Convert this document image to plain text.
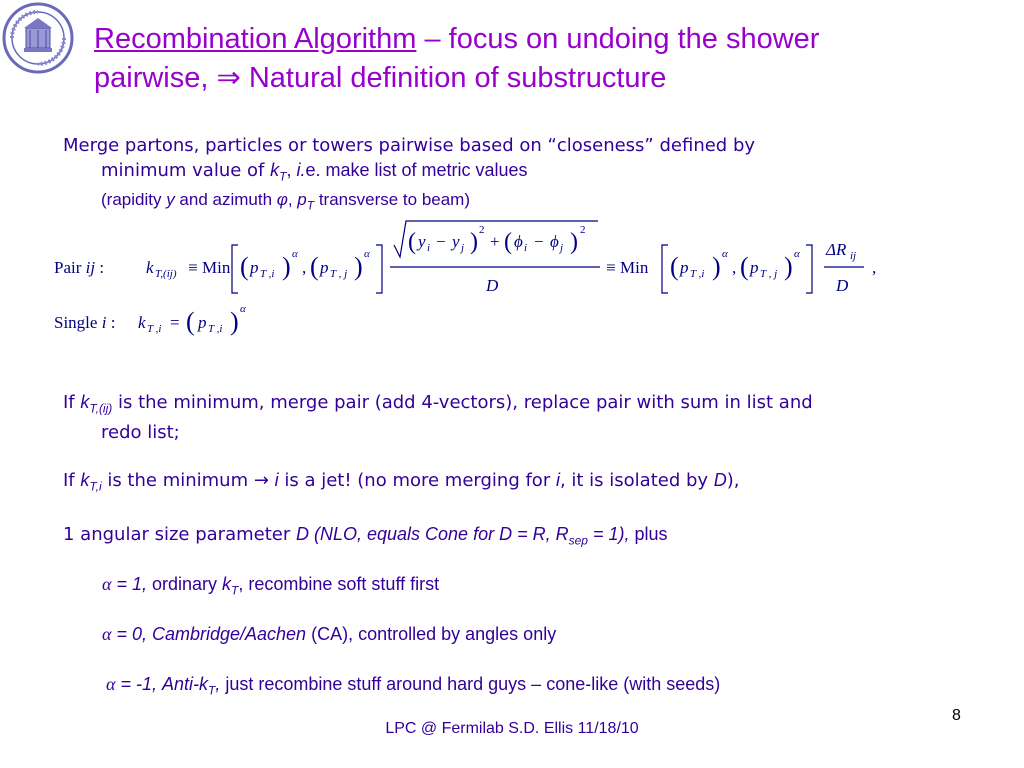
Recombination Algorithm – focus on undoing the shower
pairwise, ⇒ Natural definition of substructure
Merge partons, particles or towers pairwise based on “closeness” defined by
minimum value of $k_T$, i.e. make list of metric values
(rapidity y and azimuth φ, $p_T$ transverse to beam)
Pair ij : k T,(ij) ≡ Min ( p T ,i ) α
, ( p T , j ) α ( y i − y j ) 2
+ ( ϕ i − ϕ j ) 2
D
≡ Min ( p T ,i ) α
, ( p T , j ) α ΔR ij
D
,
Single i : k T ,i = ( p T ,i ) α
If $k_{T,(ij)}$ is the minimum, merge pair (add 4-vectors), replace pair with sum in list and
redo list;
If $k_{T,i}$ is the minimum → i is a jet! (no more merging for i, it is isolated by D),
1 angular size parameter D (NLO, equals Cone for D = R, $R_{sep} = 1$), plus
α = 1, ordinary $k_T$, recombine soft stuff first
α = 0, Cambridge/Aachen (CA), controlled by angles only
α = -1, Anti-$k_T$, just recombine stuff around hard guys – cone-like (with seeds)
LPC @ Fermilab S.D. Ellis 11/18/10
8
